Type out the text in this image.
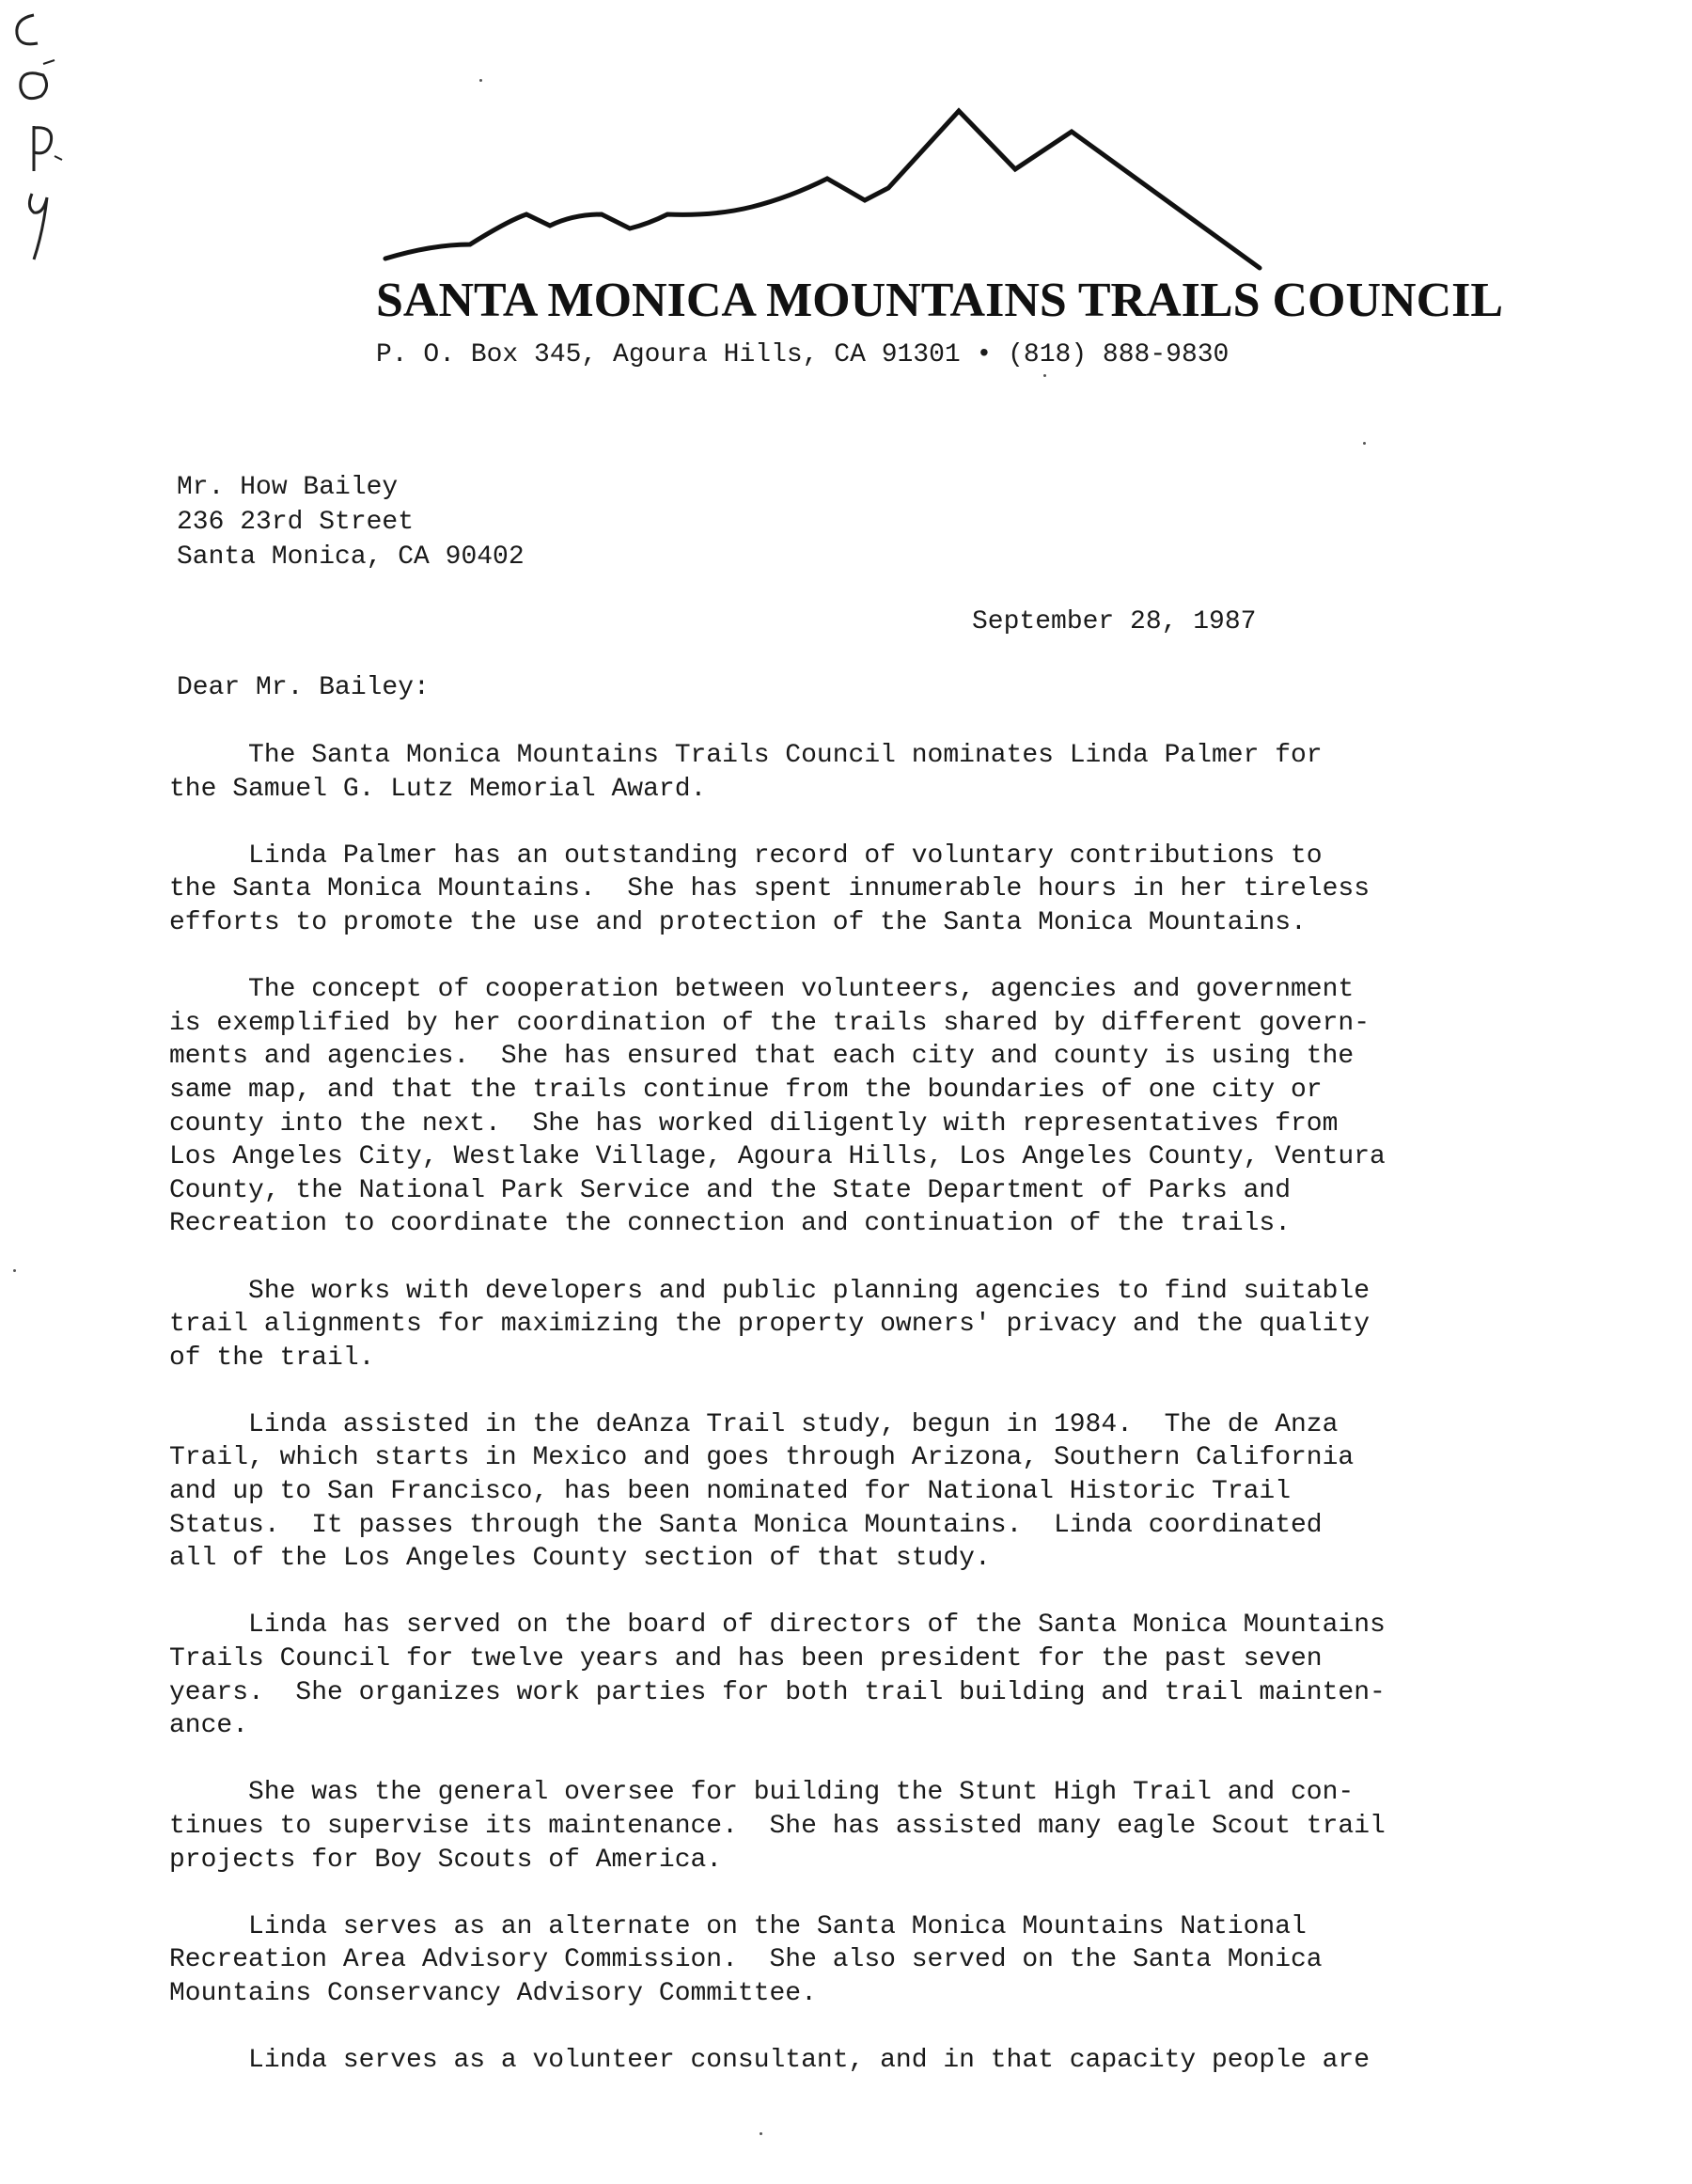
SANTA MONICA MOUNTAINS TRAILS COUNCIL
P. O. Box 345, Agoura Hills, CA 91301 • (818) 888-9830
Mr. How Bailey
236 23rd Street
Santa Monica, CA 90402
September 28, 1987
Dear Mr. Bailey:
The Santa Monica Mountains Trails Council nominates Linda Palmer for
the Samuel G. Lutz Memorial Award.
Linda Palmer has an outstanding record of voluntary contributions to
the Santa Monica Mountains.  She has spent innumerable hours in her tireless
efforts to promote the use and protection of the Santa Monica Mountains.
The concept of cooperation between volunteers, agencies and government
is exemplified by her coordination of the trails shared by different govern-
ments and agencies.  She has ensured that each city and county is using the
same map, and that the trails continue from the boundaries of one city or
county into the next.  She has worked diligently with representatives from
Los Angeles City, Westlake Village, Agoura Hills, Los Angeles County, Ventura
County, the National Park Service and the State Department of Parks and
Recreation to coordinate the connection and continuation of the trails.
She works with developers and public planning agencies to find suitable
trail alignments for maximizing the property owners' privacy and the quality
of the trail.
Linda assisted in the deAnza Trail study, begun in 1984.  The de Anza
Trail, which starts in Mexico and goes through Arizona, Southern California
and up to San Francisco, has been nominated for National Historic Trail
Status.  It passes through the Santa Monica Mountains.  Linda coordinated
all of the Los Angeles County section of that study.
Linda has served on the board of directors of the Santa Monica Mountains
Trails Council for twelve years and has been president for the past seven
years.  She organizes work parties for both trail building and trail mainten-
ance.
She was the general oversee for building the Stunt High Trail and con-
tinues to supervise its maintenance.  She has assisted many eagle Scout trail
projects for Boy Scouts of America.
Linda serves as an alternate on the Santa Monica Mountains National
Recreation Area Advisory Commission.  She also served on the Santa Monica
Mountains Conservancy Advisory Committee.
Linda serves as a volunteer consultant, and in that capacity people are
